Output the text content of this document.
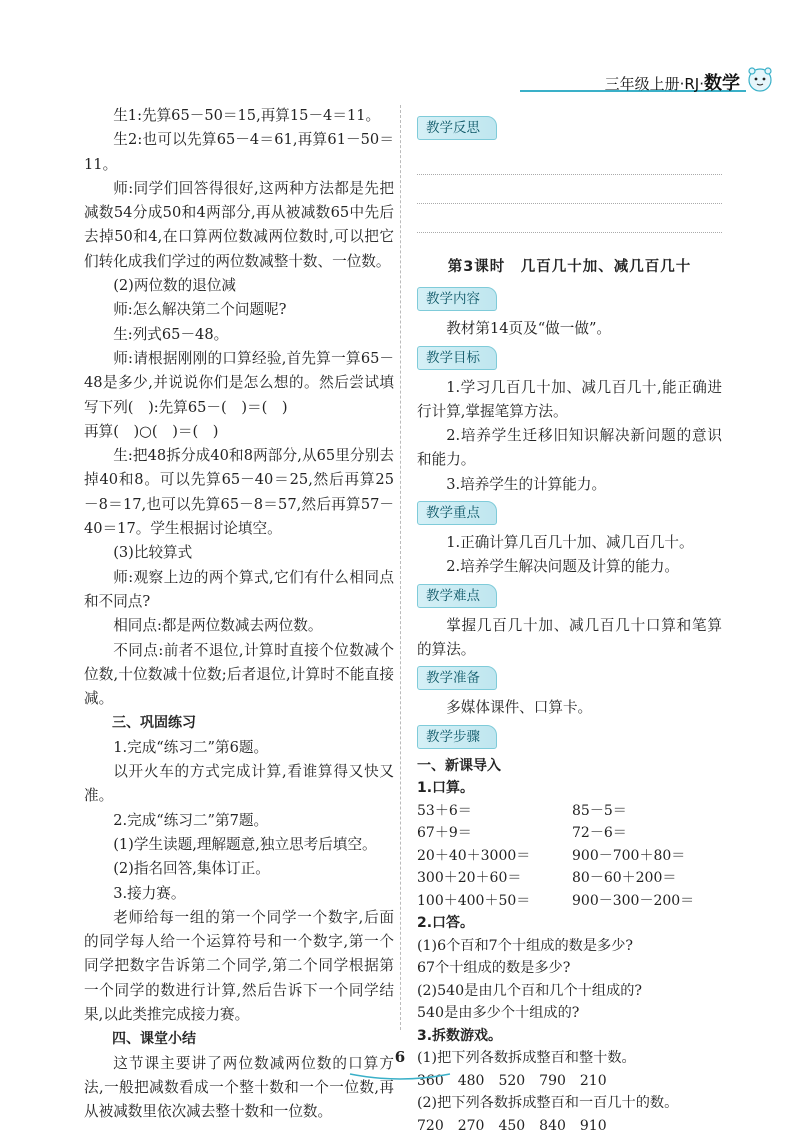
三年级上册·RJ·数学

生1:先算65－50＝15,再算15－4＝11。

生2:也可以先算65－4＝61,再算61－50＝11。

师:同学们回答得很好,这两种方法都是先把减数54分成50和4两部分,再从被减数65中先后去掉50和4,在口算两位数减两位数时,可以把它们转化成我们学过的两位数减整十数、一位数。

(2)两位数的退位减

师:怎么解决第二个问题呢?

生:列式65－48。

师:请根据刚刚的口算经验,首先算一算65－48是多少,并说说你们是怎么想的。然后尝试填写下列(　):先算65－(　)＝(　)

再算(　)○(　)＝(　)

生:把48拆分成40和8两部分,从65里分别去掉40和8。可以先算65－40＝25,然后再算25－8＝17,也可以先算65－8＝57,然后再算57－40＝17。学生根据讨论填空。

(3)比较算式

师:观察上边的两个算式,它们有什么相同点和不同点?

相同点:都是两位数减去两位数。

不同点:前者不退位,计算时直接个位数减个位数,十位数减十位数;后者退位,计算时不能直接减。

三、巩固练习

1.完成“练习二”第6题。

以开火车的方式完成计算,看谁算得又快又准。

2.完成“练习二”第7题。

(1)学生读题,理解题意,独立思考后填空。

(2)指名回答,集体订正。

3.接力赛。

老师给每一组的第一个同学一个数字,后面的同学每人给一个运算符号和一个数字,第一个同学把数字告诉第二个同学,第二个同学根据第一个同学的数进行计算,然后告诉下一个同学结果,以此类推完成接力赛。

四、课堂小结

这节课主要讲了两位数减两位数的口算方法,一般把减数看成一个整十数和一个一位数,再从被减数里依次减去整十数和一位数。

教学反思
第3课时　几百几十加、减几百几十
教学内容

教材第14页及“做一做”。

教学目标

1.学习几百几十加、减几百几十,能正确进行计算,掌握笔算方法。

2.培养学生迁移旧知识解决新问题的意识和能力。

3.培养学生的计算能力。

教学重点

1.正确计算几百几十加、减几百几十。

2.培养学生解决问题及计算的能力。

教学难点

掌握几百几十加、减几百几十口算和笔算的算法。

教学准备

多媒体课件、口算卡。

教学步骤
一、新课导入
1.口算。
53＋6＝	85－5＝
67＋9＝	72－6＝
20＋40＋3000＝	900－700＋80＝
300＋20＋60＝	80－60＋200＝
100＋400＋50＝	900－300－200＝
2.口答。

(1)6个百和7个十组成的数是多少?

67个十组成的数是多少?

(2)540是由几个百和几个十组成的?

540是由多少个十组成的?

3.拆数游戏。

(1)把下列各数拆成整百和整十数。

360　480　520　790　210

(2)把下列各数拆成整百和一百几十的数。

720　270　450　840　910
6
